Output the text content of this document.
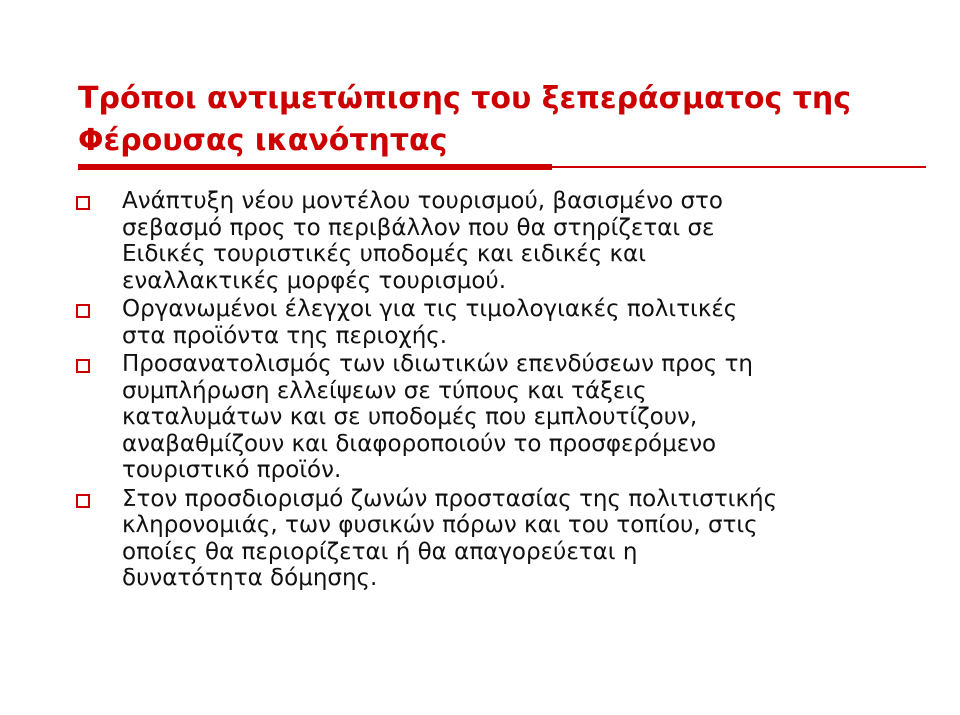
Τρόποι αντιμετώπισης του ξεπεράσματος της
Φέρουσας ικανότητας
Ανάπτυξη νέου μοντέλου τουρισμού, βασισμένο στο
σεβασμό προς το περιβάλλον που θα στηρίζεται σε
Ειδικές τουριστικές υποδομές και ειδικές και
εναλλακτικές μορφές τουρισμού.
Οργανωμένοι έλεγχοι για τις τιμολογιακές πολιτικές
στα προϊόντα της περιοχής.
Προσανατολισμός των ιδιωτικών επενδύσεων προς τη
συμπλήρωση ελλείψεων σε τύπους και τάξεις
καταλυμάτων και σε υποδομές που εμπλουτίζουν,
αναβαθμίζουν και διαφοροποιούν το προσφερόμενο
τουριστικό προϊόν.
Στον προσδιορισμό ζωνών προστασίας της πολιτιστικής
κληρονομιάς, των φυσικών πόρων και του τοπίου, στις
οποίες θα περιορίζεται ή θα απαγορεύεται η
δυνατότητα δόμησης.
